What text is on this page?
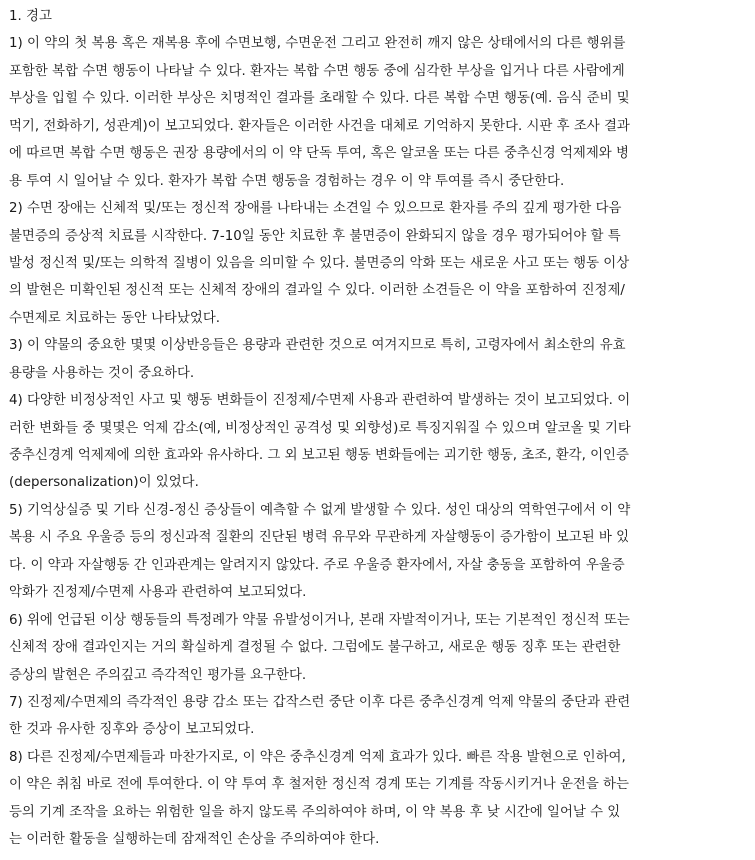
1. 경고
1) 이 약의 첫 복용 혹은 재복용 후에 수면보행, 수면운전 그리고 완전히 깨지 않은 상태에서의 다른 행위를
포함한 복합 수면 행동이 나타날 수 있다. 환자는 복합 수면 행동 중에 심각한 부상을 입거나 다른 사람에게
부상을 입힐 수 있다. 이러한 부상은 치명적인 결과를 초래할 수 있다. 다른 복합 수면 행동(예. 음식 준비 및
먹기, 전화하기, 성관계)이 보고되었다. 환자들은 이러한 사건을 대체로 기억하지 못한다. 시판 후 조사 결과
에 따르면 복합 수면 행동은 권장 용량에서의 이 약 단독 투여, 혹은 알코올 또는 다른 중추신경 억제제와 병
용 투여 시 일어날 수 있다. 환자가 복합 수면 행동을 경험하는 경우 이 약 투여를 즉시 중단한다.
2) 수면 장애는 신체적 및/또는 정신적 장애를 나타내는 소견일 수 있으므로 환자를 주의 깊게 평가한 다음
불면증의 증상적 치료를 시작한다. 7-10일 동안 치료한 후 불면증이 완화되지 않을 경우 평가되어야 할 특
발성 정신적 및/또는 의학적 질병이 있음을 의미할 수 있다. 불면증의 악화 또는 새로운 사고 또는 행동 이상
의 발현은 미확인된 정신적 또는 신체적 장애의 결과일 수 있다. 이러한 소견들은 이 약을 포함하여 진정제/
수면제로 치료하는 동안 나타났었다.
3) 이 약물의 중요한 몇몇 이상반응들은 용량과 관련한 것으로 여겨지므로 특히, 고령자에서 최소한의 유효
용량을 사용하는 것이 중요하다.
4) 다양한 비정상적인 사고 및 행동 변화들이 진정제/수면제 사용과 관련하여 발생하는 것이 보고되었다. 이
러한 변화들 중 몇몇은 억제 감소(예, 비정상적인 공격성 및 외향성)로 특징지워질 수 있으며 알코올 및 기타
중추신경계 억제제에 의한 효과와 유사하다. 그 외 보고된 행동 변화들에는 괴기한 행동, 초조, 환각, 이인증
(depersonalization)이 있었다.
5) 기억상실증 및 기타 신경-정신 증상들이 예측할 수 없게 발생할 수 있다. 성인 대상의 역학연구에서 이 약
복용 시 주요 우울증 등의 정신과적 질환의 진단된 병력 유무와 무관하게 자살행동이 증가함이 보고된 바 있
다. 이 약과 자살행동 간 인과관계는 알려지지 않았다. 주로 우울증 환자에서, 자살 충동을 포함하여 우울증
악화가 진정제/수면제 사용과 관련하여 보고되었다.
6) 위에 언급된 이상 행동들의 특정례가 약물 유발성이거나, 본래 자발적이거나, 또는 기본적인 정신적 또는
신체적 장애 결과인지는 거의 확실하게 결정될 수 없다. 그럼에도 불구하고, 새로운 행동 징후 또는 관련한
증상의 발현은 주의깊고 즉각적인 평가를 요구한다.
7) 진정제/수면제의 즉각적인 용량 감소 또는 갑작스런 중단 이후 다른 중추신경계 억제 약물의 중단과 관련
한 것과 유사한 징후와 증상이 보고되었다.
8) 다른 진정제/수면제들과 마찬가지로, 이 약은 중추신경계 억제 효과가 있다. 빠른 작용 발현으로 인하여,
이 약은 취침 바로 전에 투여한다. 이 약 투여 후 철저한 정신적 경계 또는 기계를 작동시키거나 운전을 하는
등의 기계 조작을 요하는 위험한 일을 하지 않도록 주의하여야 하며, 이 약 복용 후 낮 시간에 일어날 수 있
는 이러한 활동을 실행하는데 잠재적인 손상을 주의하여야 한다.
